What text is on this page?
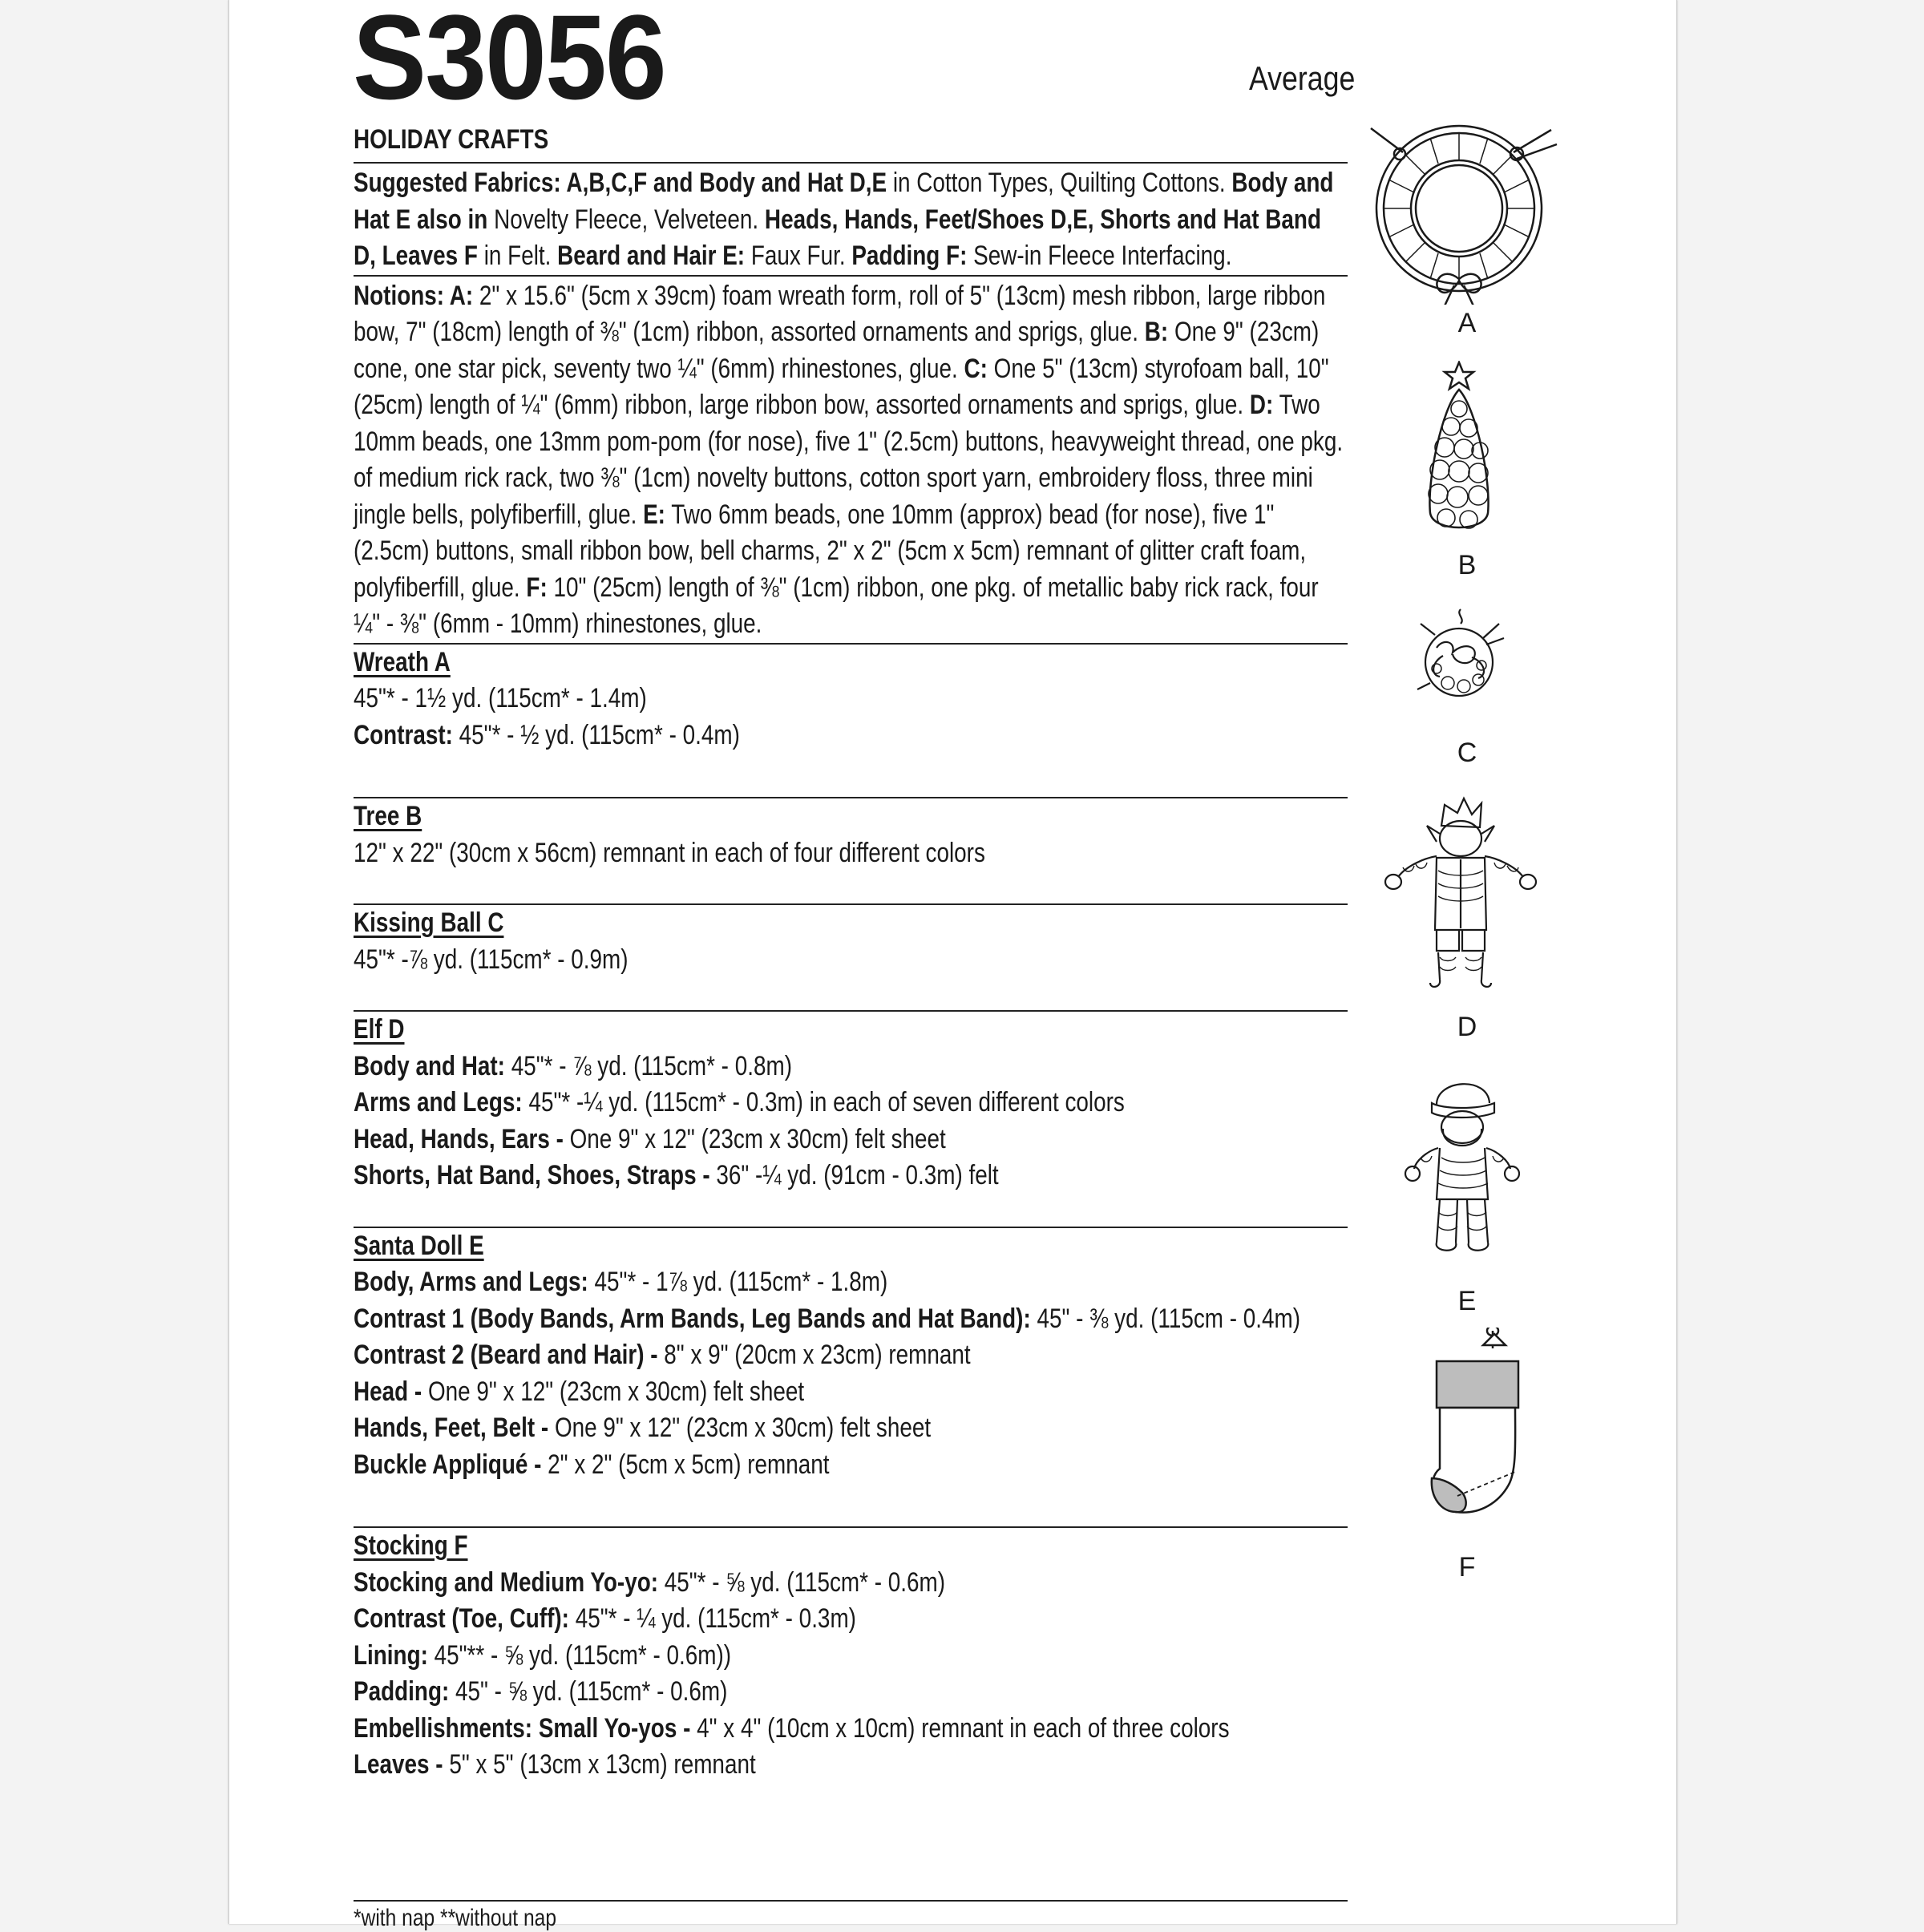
S3056	Average
HOLIDAY CRAFTS
Suggested Fabrics: A,B,C,F and Body and Hat D,E in Cotton Types, Quilting Cottons. Body and Hat E also in Novelty Fleece, Velveteen. Heads, Hands, Feet/Shoes D,E, Shorts and Hat Band D, Leaves F in Felt. Beard and Hair E: Faux Fur. Padding F: Sew-in Fleece Interfacing.
Notions: A: 2" x 15.6" (5cm x 39cm) foam wreath form, roll of 5" (13cm) mesh ribbon, large ribbon bow, 7" (18cm) length of ⅜" (1cm) ribbon, assorted ornaments and sprigs, glue. B: One 9" (23cm) cone, one star pick, seventy two ¼" (6mm) rhinestones, glue. C: One 5" (13cm) styrofoam ball, 10" (25cm) length of ¼" (6mm) ribbon, large ribbon bow, assorted ornaments and sprigs, glue. D: Two 10mm beads, one 13mm pom-pom (for nose), five 1" (2.5cm) buttons, heavyweight thread, one pkg. of medium rick rack, two ⅜" (1cm) novelty buttons, cotton sport yarn, embroidery floss, three mini jingle bells, polyfiberfill, glue. E: Two 6mm beads, one 10mm (approx) bead (for nose), five 1" (2.5cm) buttons, small ribbon bow, bell charms, 2" x 2" (5cm x 5cm) remnant of glitter craft foam, polyfiberfill, glue. F: 10" (25cm) length of ⅜" (1cm) ribbon, one pkg. of metallic baby rick rack, four ¼" - ⅜" (6mm - 10mm) rhinestones, glue.
Wreath A
45"* - 1½ yd. (115cm* - 1.4m)
Contrast: 45"* - ½ yd. (115cm* - 0.4m)
Tree B
12" x 22" (30cm x 56cm) remnant in each of four different colors
Kissing Ball C
45"* -⅞ yd. (115cm* - 0.9m)
Elf D
Body and Hat: 45"* - ⅞ yd. (115cm* - 0.8m)
Arms and Legs: 45"* -¼ yd. (115cm* - 0.3m) in each of seven different colors
Head, Hands, Ears - One 9" x 12" (23cm x 30cm) felt sheet
Shorts, Hat Band, Shoes, Straps - 36" -¼ yd. (91cm - 0.3m) felt
Santa Doll E
Body, Arms and Legs: 45"* - 1⅞ yd. (115cm* - 1.8m)
Contrast 1 (Body Bands, Arm Bands, Leg Bands and Hat Band): 45" - ⅜ yd. (115cm - 0.4m)
Contrast 2 (Beard and Hair) - 8" x 9" (20cm x 23cm) remnant
Head - One 9" x 12" (23cm x 30cm) felt sheet
Hands, Feet, Belt - One 9" x 12" (23cm x 30cm) felt sheet
Buckle Appliqué - 2" x 2" (5cm x 5cm) remnant
Stocking F
Stocking and Medium Yo-yo: 45"* - ⅝ yd. (115cm* - 0.6m)
Contrast (Toe, Cuff): 45"* - ¼ yd. (115cm* - 0.3m)
Lining: 45"** - ⅝ yd. (115cm* - 0.6m))
Padding: 45" - ⅝ yd. (115cm* - 0.6m)
Embellishments: Small Yo-yos - 4" x 4" (10cm x 10cm) remnant in each of three colors
Leaves - 5" x 5" (13cm x 13cm) remnant
*with nap **without nap
A
B
C
D
E
F
